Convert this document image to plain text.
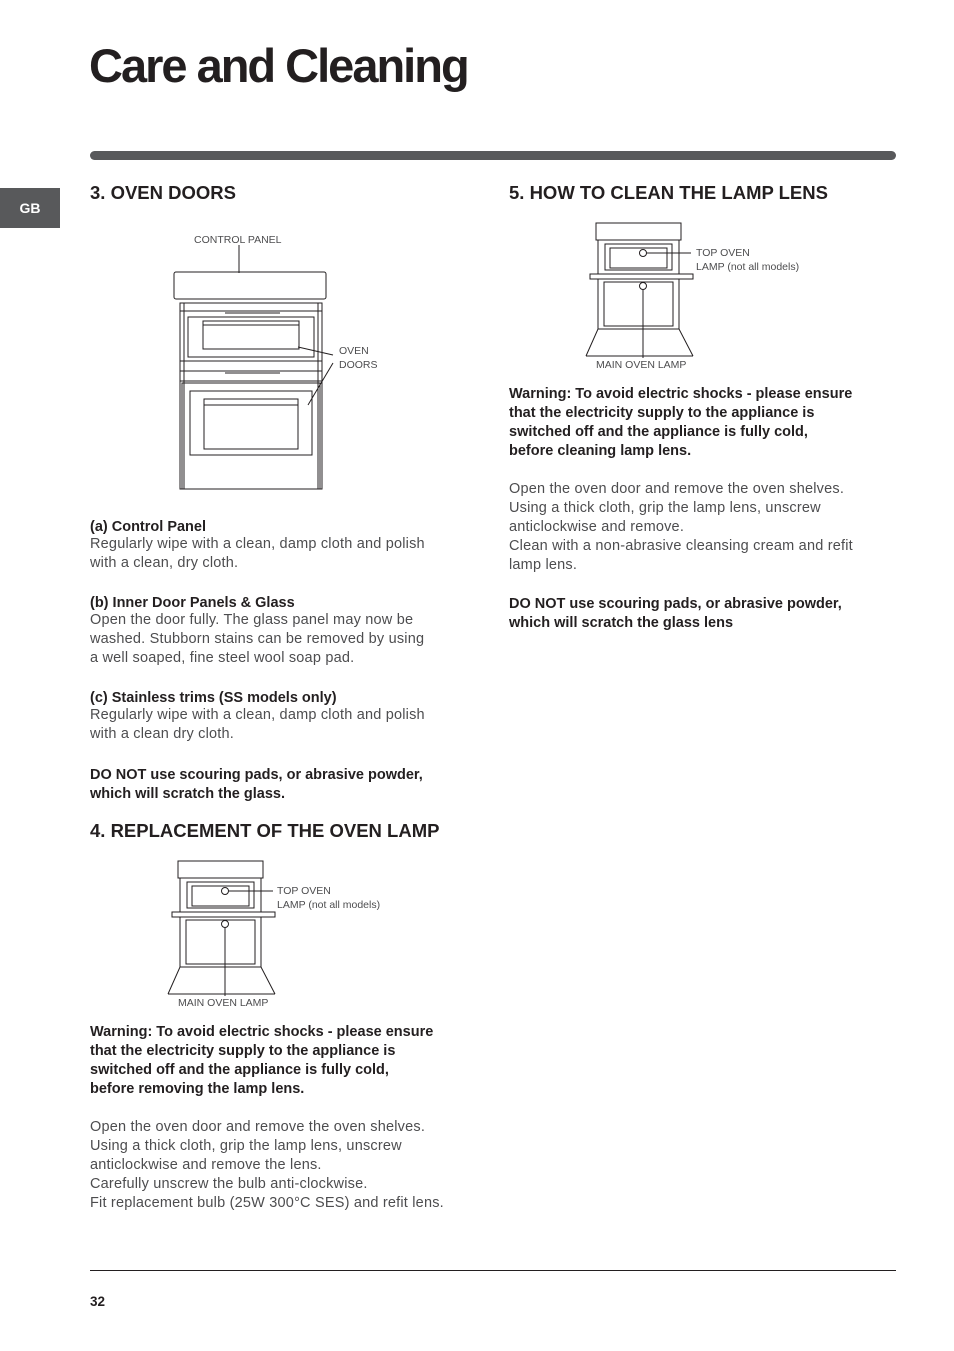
Care and Cleaning
GB
3. OVEN DOORS
CONTROL PANEL
OVEN
DOORS

(a) Control Panel

Regularly wipe with a clean, damp cloth and polish

with a clean, dry cloth.

(b) Inner Door Panels & Glass

Open the door fully. The glass panel may now be

washed. Stubborn stains can be removed by using

a well soaped, fine steel wool soap pad.

(c) Stainless trims (SS models only)

Regularly wipe with a clean, damp cloth and polish

with a clean dry cloth.

DO NOT use scouring pads, or abrasive powder,

which will scratch the glass.

4. REPLACEMENT OF THE OVEN LAMP
TOP OVEN
LAMP (not all models)
MAIN OVEN LAMP

Warning: To avoid electric shocks - please ensure

that the electricity supply to the appliance is

switched off and the appliance is fully cold,

before removing the lamp lens.

Open the oven door and remove the oven shelves.

Using a thick cloth, grip the lamp lens, unscrew

anticlockwise and remove the lens.

Carefully unscrew the bulb anti-clockwise.

Fit replacement bulb (25W 300°C SES) and refit lens.

5. HOW TO CLEAN THE LAMP LENS
TOP OVEN
LAMP (not all models)
MAIN OVEN LAMP

Warning: To avoid electric shocks - please ensure

that the electricity supply to the appliance is

switched off and the appliance is fully cold,

before cleaning lamp lens.

Open the oven door and remove the oven shelves.

Using a thick cloth, grip the lamp lens, unscrew

anticlockwise and remove.

Clean with a non-abrasive cleansing cream and refit

lamp lens.

DO NOT use scouring pads, or abrasive powder,

which will scratch the glass lens

32
